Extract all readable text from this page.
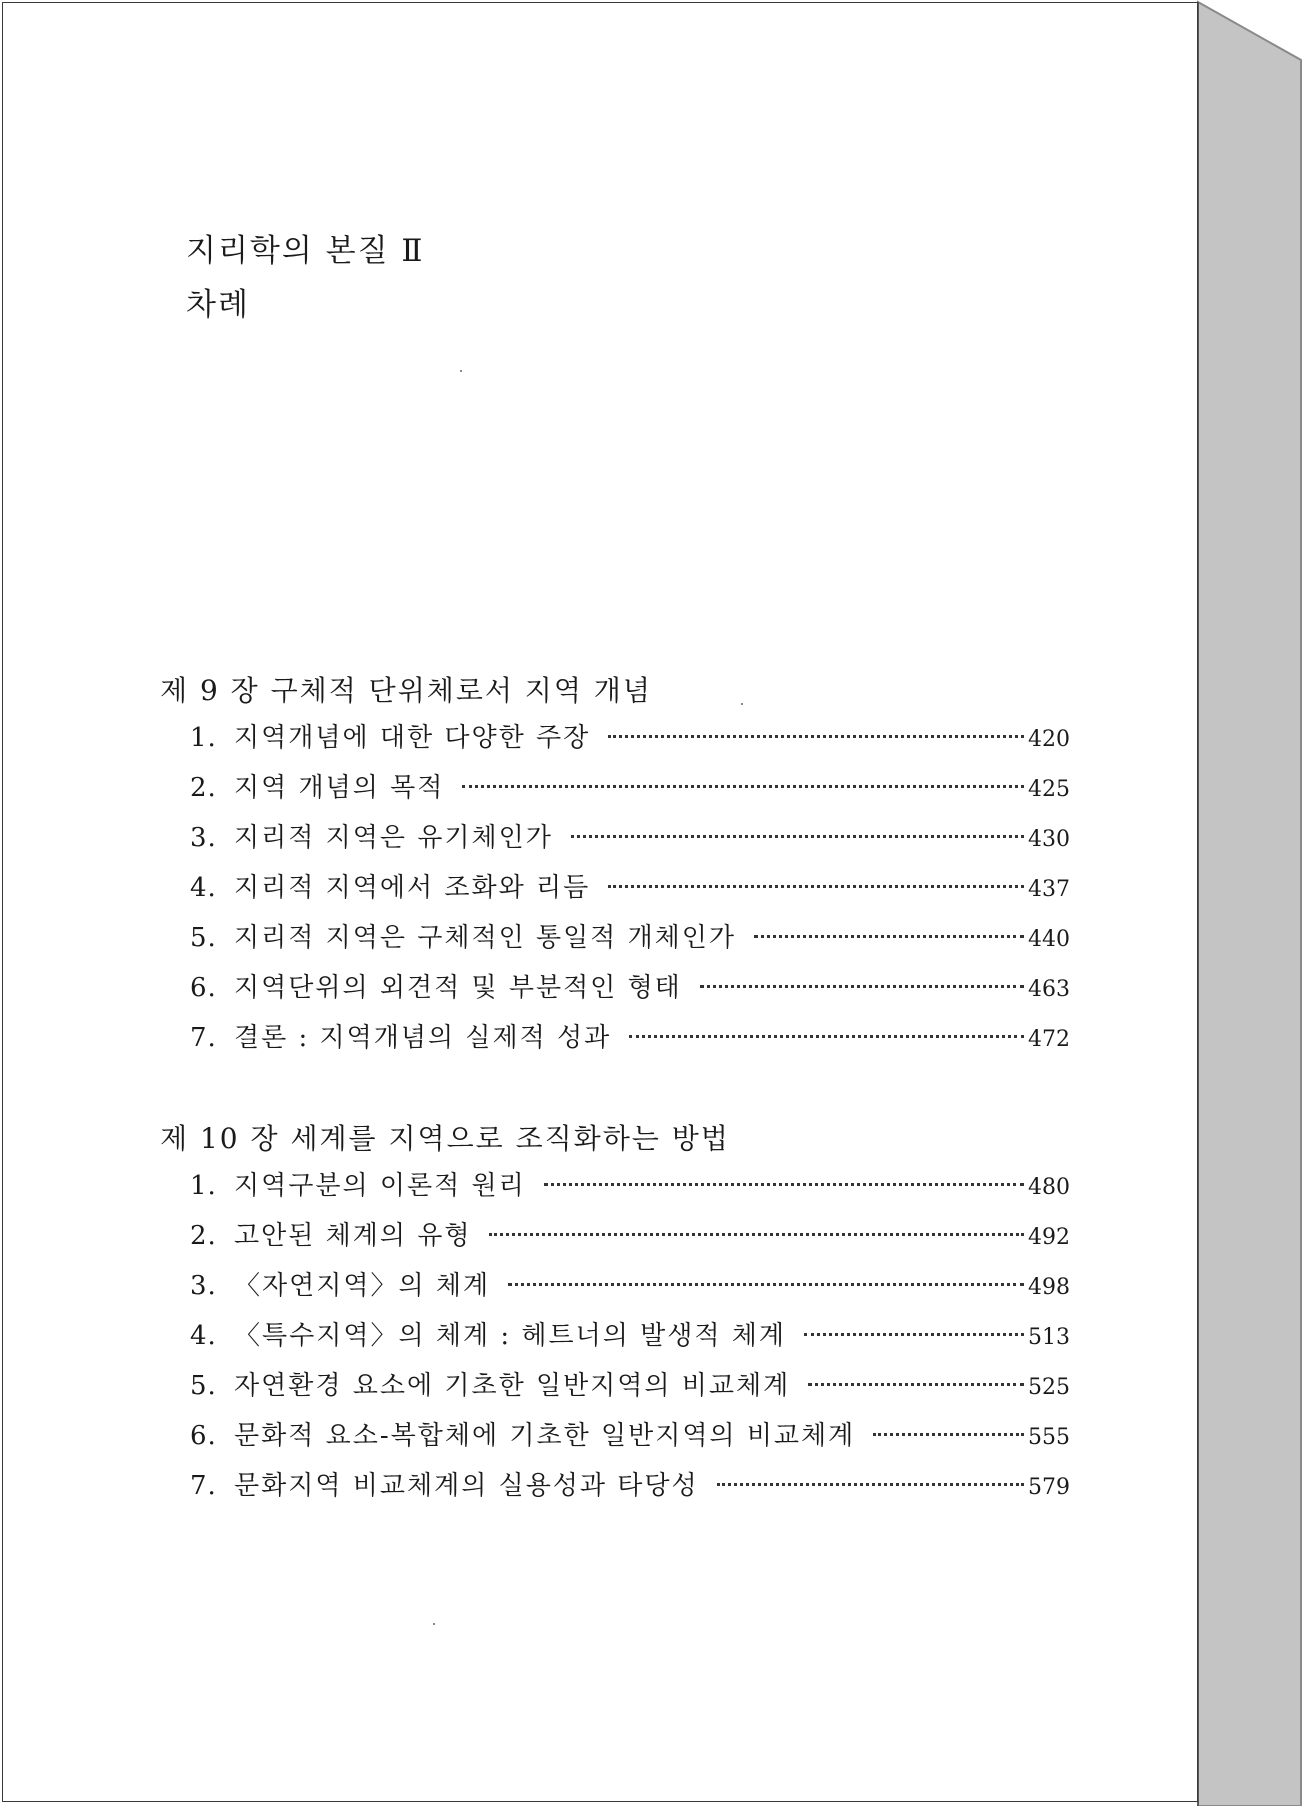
지리학의 본질 Ⅱ
차례
제 9 장 구체적 단위체로서 지역 개념
1. 지역개념에 대한 다양한 주장	420
2. 지역 개념의 목적	425
3. 지리적 지역은 유기체인가	430
4. 지리적 지역에서 조화와 리듬	437
5. 지리적 지역은 구체적인 통일적 개체인가	440
6. 지역단위의 외견적 및 부분적인 형태	463
7. 결론 : 지역개념의 실제적 성과	472
제 10 장 세계를 지역으로 조직화하는 방법
1. 지역구분의 이론적 원리	480
2. 고안된 체계의 유형	492
3. 〈자연지역〉의 체계	498
4. 〈특수지역〉의 체계 : 헤트너의 발생적 체계	513
5. 자연환경 요소에 기초한 일반지역의 비교체계	525
6. 문화적 요소-복합체에 기초한 일반지역의 비교체계	555
7. 문화지역 비교체계의 실용성과 타당성	579
